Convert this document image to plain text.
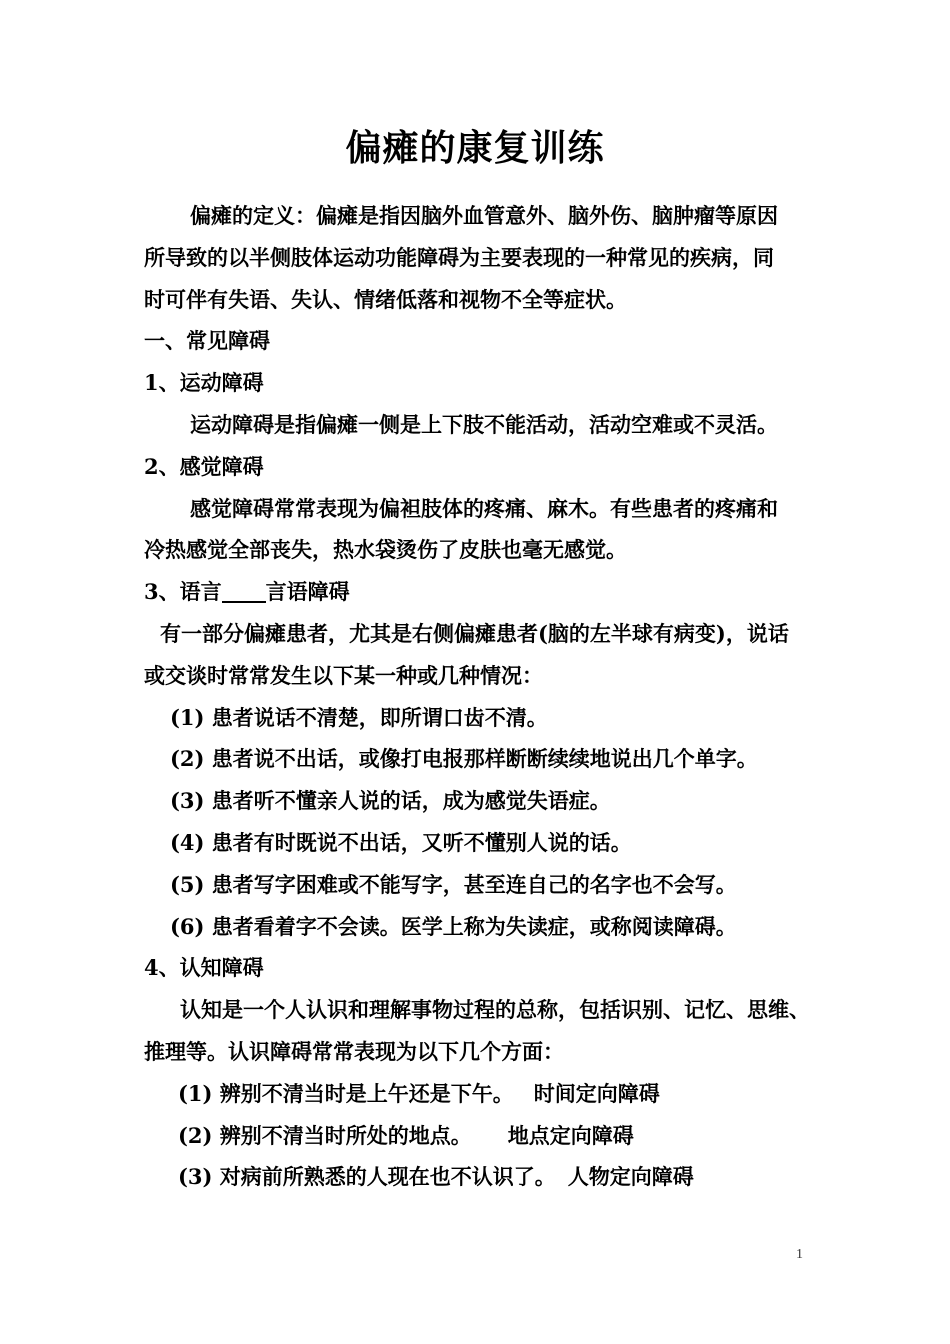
偏瘫的康复训练

偏瘫的定义：偏瘫是指因脑外血管意外、脑外伤、脑肿瘤等原因

所导致的以半侧肢体运动功能障碍为主要表现的一种常见的疾病，同

时可伴有失语、失认、情绪低落和视物不全等症状。

一、常见障碍

1、运动障碍

运动障碍是指偏瘫一侧是上下肢不能活动，活动空难或不灵活。

2、感觉障碍

感觉障碍常常表现为偏袒肢体的疼痛、麻木。有些患者的疼痛和

冷热感觉全部丧失，热水袋烫伤了皮肤也毫无感觉。

3、语言 言语障碍

有一部分偏瘫患者，尤其是右侧偏瘫患者(脑的左半球有病变)，说话

或交谈时常常发生以下某一种或几种情况：

(1) 患者说话不清楚，即所谓口齿不清。

(2) 患者说不出话，或像打电报那样断断续续地说出几个单字。

(3) 患者听不懂亲人说的话，成为感觉失语症。

(4) 患者有时既说不出话，又听不懂别人说的话。

(5) 患者写字困难或不能写字，甚至连自己的名字也不会写。

(6) 患者看着字不会读。医学上称为失读症，或称阅读障碍。

4、认知障碍

认知是一个人认识和理解事物过程的总称，包括识别、记忆、思维、

推理等。认识障碍常常表现为以下几个方面：

(1) 辨别不清当时是上午还是下午。 时间定向障碍

(2) 辨别不清当时所处的地点。 地点定向障碍

(3) 对病前所熟悉的人现在也不认识了。 人物定向障碍

1
